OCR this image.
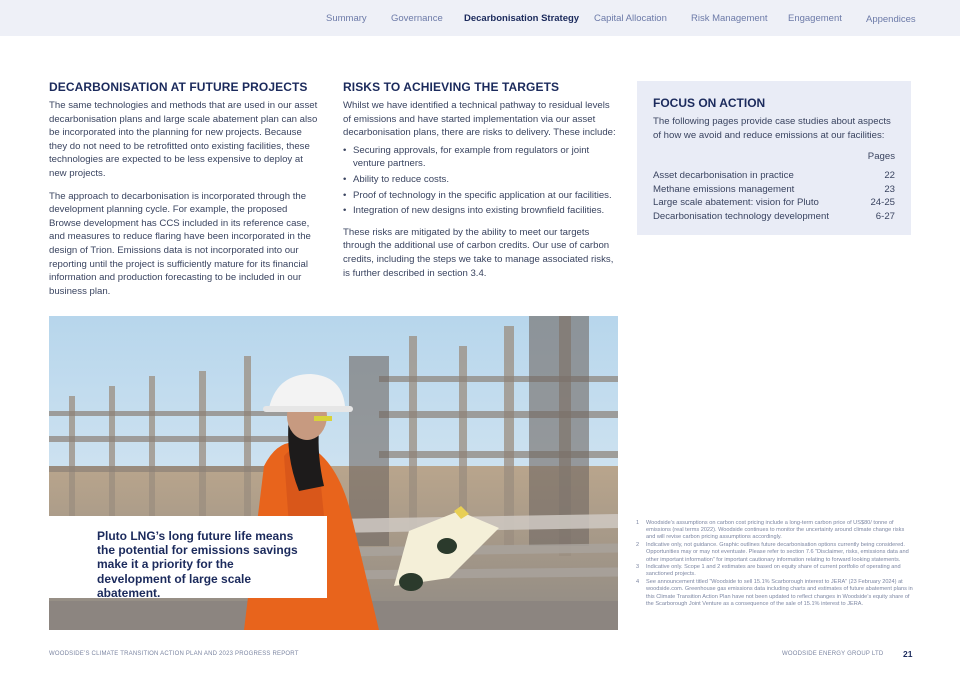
Summary	Governance Decarbonisation Strategy Capital Allocation	Risk Management Engagement	Appendices
DECARBONISATION AT FUTURE PROJECTS

The same technologies and methods that are used in our asset decarbonisation plans and large scale abatement plan can also be incorporated into the planning for new projects. Because they do not need to be retrofitted onto existing facilities, these technologies are expected to be less expensive to deploy at new projects.

The approach to decarbonisation is incorporated through the development planning cycle. For example, the proposed Browse development has CCS included in its reference case, and measures to reduce flaring have been incorporated in the design of Trion. Emissions data is not incorporated into our reporting until the project is sufficiently mature for its financial information and production forecasting to be included in our business plan.

RISKS TO ACHIEVING THE TARGETS

Whilst we have identified a technical pathway to residual levels of emissions and have started implementation via our asset decarbonisation plans, there are risks to delivery. These include:

• Securing approvals, for example from regulators or joint venture partners.
• Ability to reduce costs.
• Proof of technology in the specific application at our facilities.
• Integration of new designs into existing brownfield facilities.

These risks are mitigated by the ability to meet our targets through the additional use of carbon credits. Our use of carbon credits, including the steps we take to manage associated risks, is further described in section 3.4.

FOCUS ON ACTION

The following pages provide case studies about aspects of how we avoid and reduce emissions at our facilities:

Pages
Asset decarbonisation in practice	22
Methane emissions management	23
Large scale abatement: vision for Pluto	24-25
Decarbonisation technology development	6-27

Pluto LNG’s long future life means the potential for emissions savings make it a priority for the development of large scale abatement.

1	Woodside’s assumptions on carbon cost pricing include a long-term carbon price of US$80/ tonne of emissions (real terms 2022). Woodside continues to monitor the uncertainty around climate change risks and will revise carbon pricing assumptions accordingly.
2	Indicative only, not guidance. Graphic outlines future decarbonisation options currently being considered. Opportunities may or may not eventuate. Please refer to section 7.6 “Disclaimer, risks, emissions data and other important information” for important cautionary information relating to forward looking statements.
3	Indicative only. Scope 1 and 2 estimates are based on equity share of current portfolio of operating and sanctioned projects.
4	See announcement titled “Woodside to sell 15.1% Scarborough interest to JERA” (23 February 2024) at woodside.com. Greenhouse gas emissions data including charts and estimates of future abatement plans in this Climate Transition Action Plan have not been updated to reflect changes in Woodside’s equity share of the Scarborough Joint Venture as a consequence of the sale of 15.1% interest to JERA.
WOODSIDE’S CLIMATE TRANSITION ACTION PLAN AND 2023 PROGRESS REPORT	WOODSIDE ENERGY GROUP LTD 21
